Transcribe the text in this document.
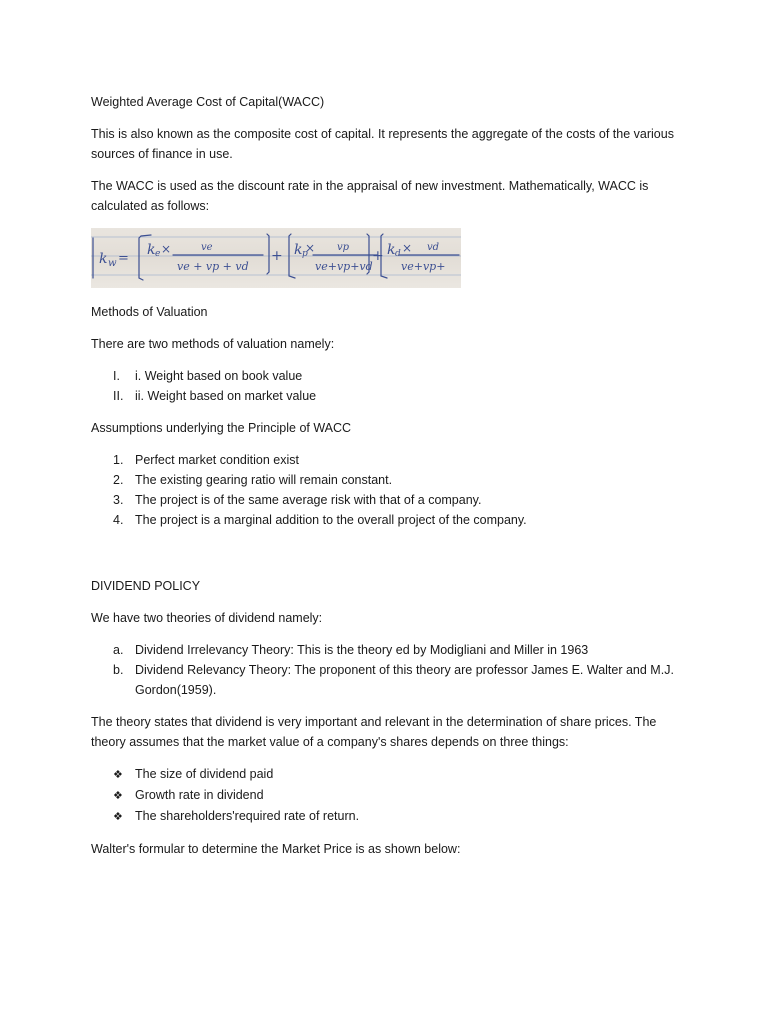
Weighted Average Cost of Capital(WACC)

This is also known as the composite cost of capital. It represents the aggregate of the costs of the various sources of finance in use.

The WACC is used as the discount rate in the appraisal of new investment. Mathematically, WACC is calculated as follows:

k w =
k e ×	ve
ve + vp + vd
+ k p
× vp
ve+vp+vd
+ k d × vd
ve+vp+

Methods of Valuation

There are two methods of valuation namely:

I.	i. Weight based on book value
II. ii. Weight based on market value

Assumptions underlying the Principle of WACC

1. Perfect market condition exist
2. The existing gearing ratio will remain constant.
3. The project is of the same average risk with that of a company.
4. The project is a marginal addition to the overall project of the company.

DIVIDEND POLICY

We have two theories of dividend namely:

a. Dividend Irrelevancy Theory: This is the theory ed by Modigliani and Miller in 1963
b. Dividend Relevancy Theory: The proponent of this theory are professor James E. Walter and M.J. Gordon(1959).

The theory states that dividend is very important and relevant in the determination of share prices. The theory assumes that the market value of a company's shares depends on three things:

❖ The size of dividend paid
❖ Growth rate in dividend
❖ The shareholders'required rate of return.

Walter's formular to determine the Market Price is as shown below:
